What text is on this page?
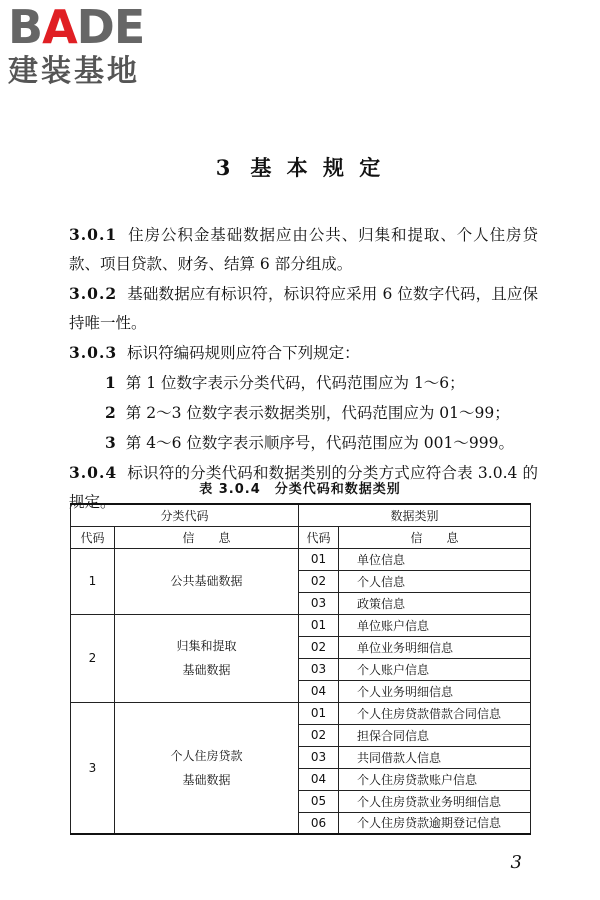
BADE
建装基地
3 基 本 规 定

3.0.1 住房公积金基础数据应由公共、归集和提取、个人住房贷款、项目贷款、财务、结算 6 部分组成。

3.0.2 基础数据应有标识符，标识符应采用 6 位数字代码，且应保持唯一性。

3.0.3 标识符编码规则应符合下列规定：

1 第 1 位数字表示分类代码，代码范围应为 1～6；

2 第 2～3 位数字表示数据类别，代码范围应为 01～99；

3 第 4～6 位数字表示顺序号，代码范围应为 001～999。

3.0.4 标识符的分类代码和数据类别的分类方式应符合表 3.0.4 的规定。

表 3.0.4　分类代码和数据类别
分类代码		数据类别	
代码	信　　息	代码	信　　息
1	公共基础数据	01	单位信息
		02	个人信息
		03	政策信息
2	归集和提取
基础数据	01	单位账户信息
		02	单位业务明细信息
		03	个人账户信息
		04	个人业务明细信息
3	个人住房贷款
基础数据	01	个人住房贷款借款合同信息
		02	担保合同信息
		03	共同借款人信息
		04	个人住房贷款账户信息
		05	个人住房贷款业务明细信息
		06	个人住房贷款逾期登记信息
3
